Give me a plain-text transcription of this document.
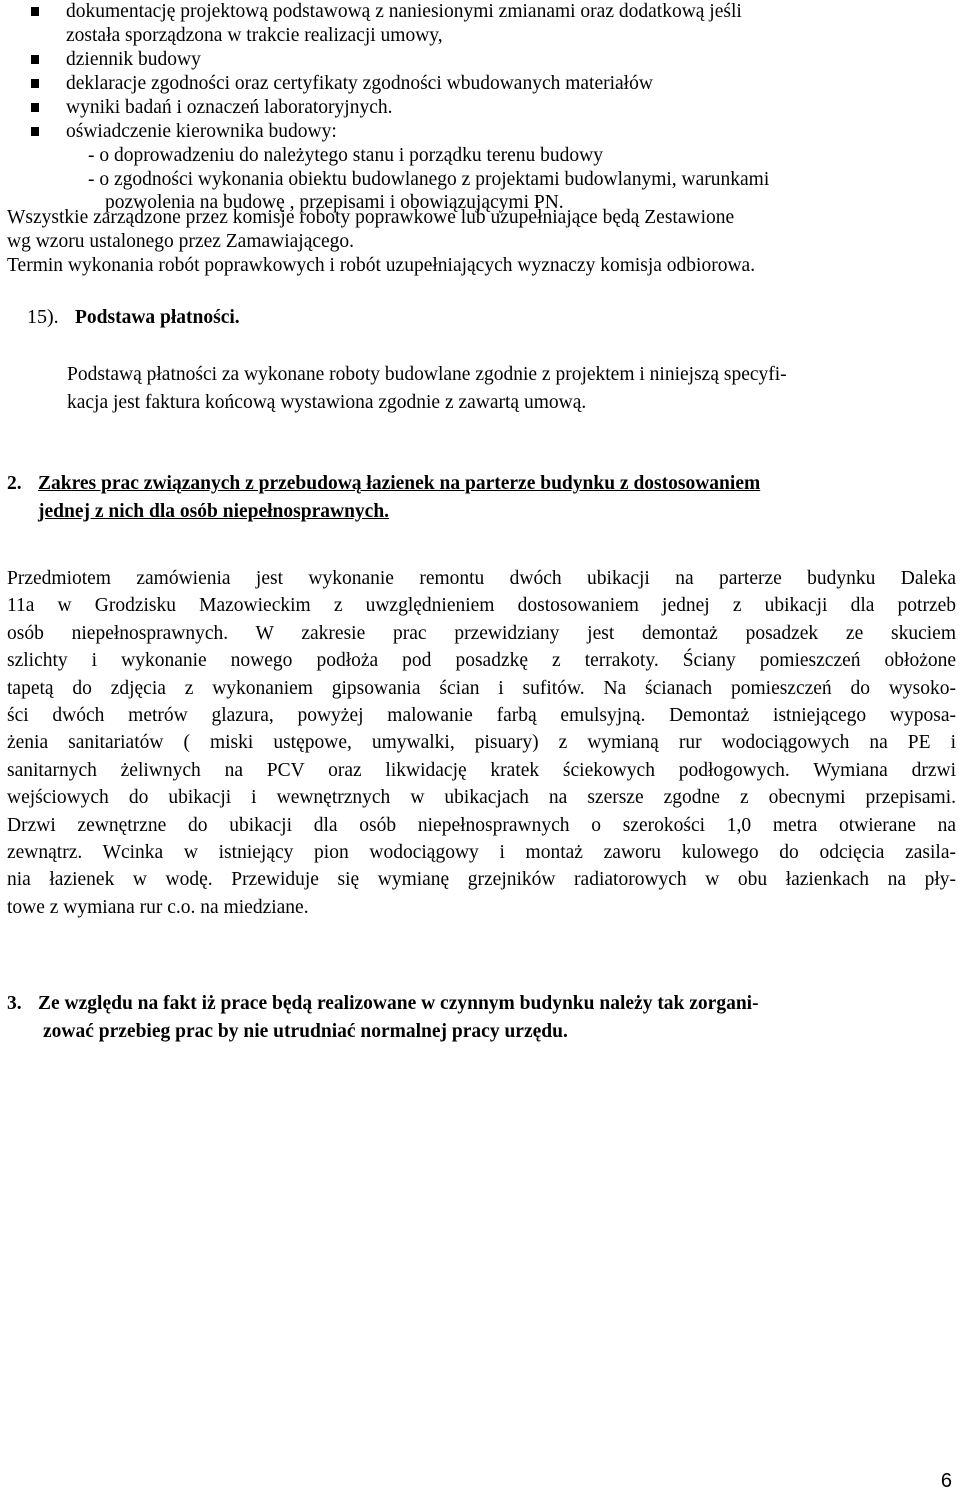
dokumentację projektową podstawową z naniesionymi zmianami oraz dodatkową jeśli
została sporządzona w trakcie realizacji umowy,
dziennik budowy
deklaracje zgodności oraz certyfikaty zgodności wbudowanych materiałów
wyniki badań i oznaczeń laboratoryjnych.
oświadczenie kierownika budowy:
- o doprowadzeniu do należytego stanu i porządku terenu budowy
- o zgodności wykonania obiektu budowlanego z projektami budowlanymi, warunkami
pozwolenia na budowę , przepisami i obowiązującymi PN.
Wszystkie zarządzone przez komisje roboty poprawkowe lub uzupełniające będą Zestawione
wg wzoru ustalonego przez Zamawiającego.
Termin wykonania robót poprawkowych i robót uzupełniających wyznaczy komisja odbiorowa.
15). Podstawa płatności.
Podstawą płatności za wykonane roboty budowlane zgodnie z projektem i niniejszą specyfi-
kacja jest faktura końcową wystawiona zgodnie z zawartą umową.
2. Zakres prac związanych z przebudową łazienek na parterze budynku z dostosowaniem
jednej z nich dla osób niepełnosprawnych.
Przedmiotem zamówienia jest wykonanie remontu dwóch ubikacji na parterze budynku Daleka
11a w Grodzisku Mazowieckim z uwzględnieniem dostosowaniem jednej z ubikacji dla potrzeb
osób niepełnosprawnych. W zakresie prac przewidziany jest demontaż posadzek ze skuciem
szlichty i wykonanie nowego podłoża pod posadzkę z terrakoty. Ściany pomieszczeń obłożone
tapetą do zdjęcia z wykonaniem gipsowania ścian i sufitów. Na ścianach pomieszczeń do wysoko-
ści dwóch metrów glazura, powyżej malowanie farbą emulsyjną. Demontaż istniejącego wyposa-
żenia sanitariatów ( miski ustępowe, umywalki, pisuary) z wymianą rur wodociągowych na PE i
sanitarnych żeliwnych na PCV oraz likwidację kratek ściekowych podłogowych. Wymiana drzwi
wejściowych do ubikacji i wewnętrznych w ubikacjach na szersze zgodne z obecnymi przepisami.
Drzwi zewnętrzne do ubikacji dla osób niepełnosprawnych o szerokości 1,0 metra otwierane na
zewnątrz. Wcinka w istniejący pion wodociągowy i montaż zaworu kulowego do odcięcia zasila-
nia łazienek w wodę. Przewiduje się wymianę grzejników radiatorowych w obu łazienkach na pły-
towe z wymiana rur c.o. na miedziane.
3. Ze względu na fakt iż prace będą realizowane w czynnym budynku należy tak zorgani-
zować przebieg prac by nie utrudniać normalnej pracy urzędu.
6
